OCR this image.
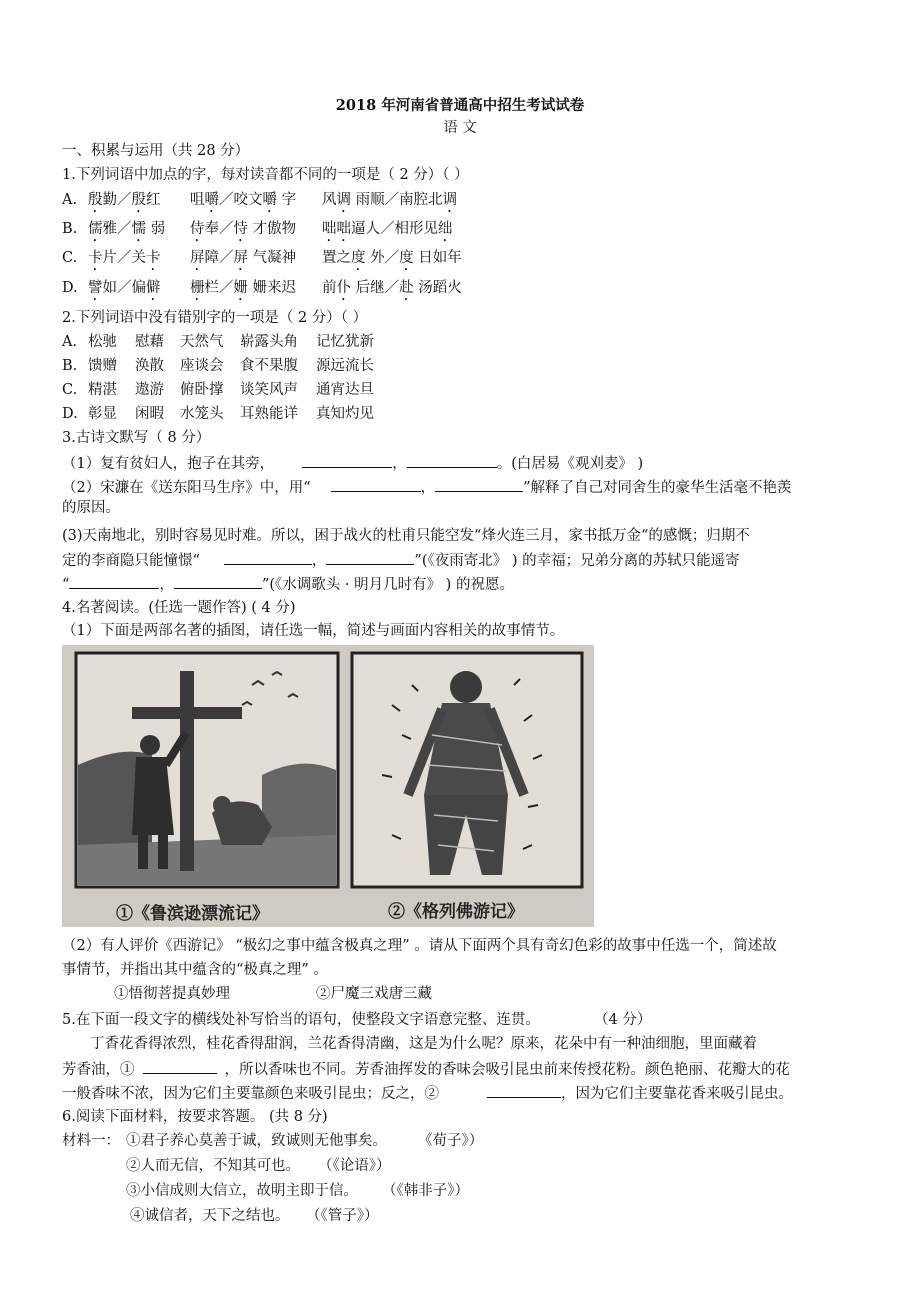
2018 年河南省普通高中招生考试试卷
语 文
一、积累与运用（共 28 分）
1.下列词语中加点的字，每对读音都不同的一项是（ 2 分）（ ）
A. 殷勤／殷红 咀嚼／咬文嚼 字 风调 雨顺／南腔北调
B. 儒雅／懦 弱 侍奉／恃 才傲物 咄咄逼人／相形见绌
C. 卡片／关卡 屏障／屏 气凝神 置之度 外／度 日如年
D. 譬如／偏僻 栅栏／姗 姗来迟 前仆 后继／赴 汤蹈火
2.下列词语中没有错别字的一项是（ 2 分）（ ）
A. 松驰 慰藉 天然气 崭露头角 记忆犹新
B. 馈赠 涣散 座谈会 食不果腹 源远流长
C. 精湛 遨游 俯卧撑 谈笑风声 通宵达旦
D. 彰显 闲暇 水笼头 耳熟能详 真知灼见
3.古诗文默写（ 8 分）
（1）复有贫妇人，抱子在其旁，	，	。(白居易《观刈麦》 )
（2）宋濂在《送东阳马生序》中，用“	，	”解释了自己对同舍生的豪华生活毫不艳羡
的原因。
(3)天南地北，别时容易见时难。所以，困于战火的杜甫只能空发“烽火连三月，家书抵万金“的感慨；归期不
定的李商隐只能憧憬“	，	”(《夜雨寄北》 ) 的幸福；兄弟分离的苏轼只能遥寄
“	，	”(《水调歌头 · 明月几时有》 ) 的祝愿。
4.名著阅读。(任选一题作答) ( 4 分)
（1）下面是两部名著的插图，请任选一幅，简述与画面内容相关的故事情节。
①《鲁滨逊漂流记》	②《格列佛游记》
（2）有人评价《西游记》 “极幻之事中蕴含极真之理” 。请从下面两个具有奇幻色彩的故事中任选一个，简述故
事情节，并指出其中蕴含的“极真之理” 。
①悟彻菩提真妙理	②尸魔三戏唐三藏
5.在下面一段文字的横线处补写恰当的语句，使整段文字语意完整、连贯。	（4 分）
丁香花香得浓烈，桂花香得甜润，兰花香得清幽，这是为什么呢？原来，花朵中有一种油细胞，里面藏着
芳香油，①	，所以香味也不同。芳香油挥发的香味会吸引昆虫前来传授花粉。颜色艳丽、花瓣大的花
一般香味不浓，因为它们主要靠颜色来吸引昆虫；反之，②	，因为它们主要靠花香来吸引昆虫。
6.阅读下面材料，按要求答题。 (共 8 分)
材料一： ①君子养心莫善于诚，致诚则无他事矣。 《荀子》）
②人而无信，不知其可也。 （《论语》）
③小信成则大信立，故明主即于信。 （《韩非子》）
④诚信者，天下之结也。 （《管子》）
